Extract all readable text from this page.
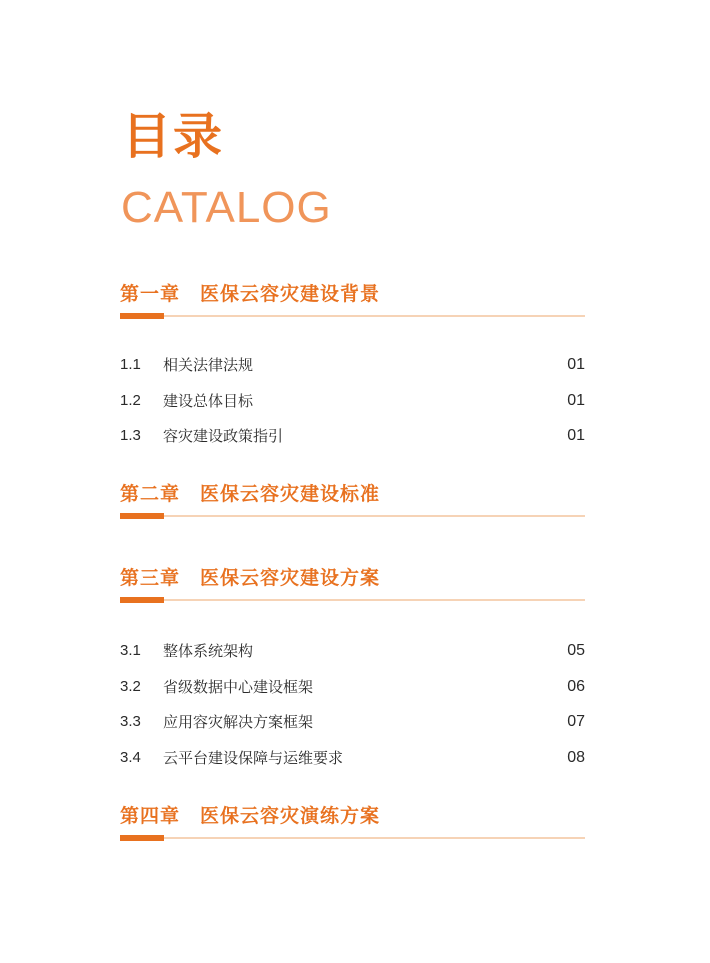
目录
CATALOG
第一章　医保云容灾建设背景
1.1 相关法律法规	01
1.2 建设总体目标	01
1.3 容灾建设政策指引	01
第二章　医保云容灾建设标准
第三章　医保云容灾建设方案
3.1 整体系统架构	05
3.2 省级数据中心建设框架	06
3.3 应用容灾解决方案框架	07
3.4 云平台建设保障与运维要求	08
第四章　医保云容灾演练方案
